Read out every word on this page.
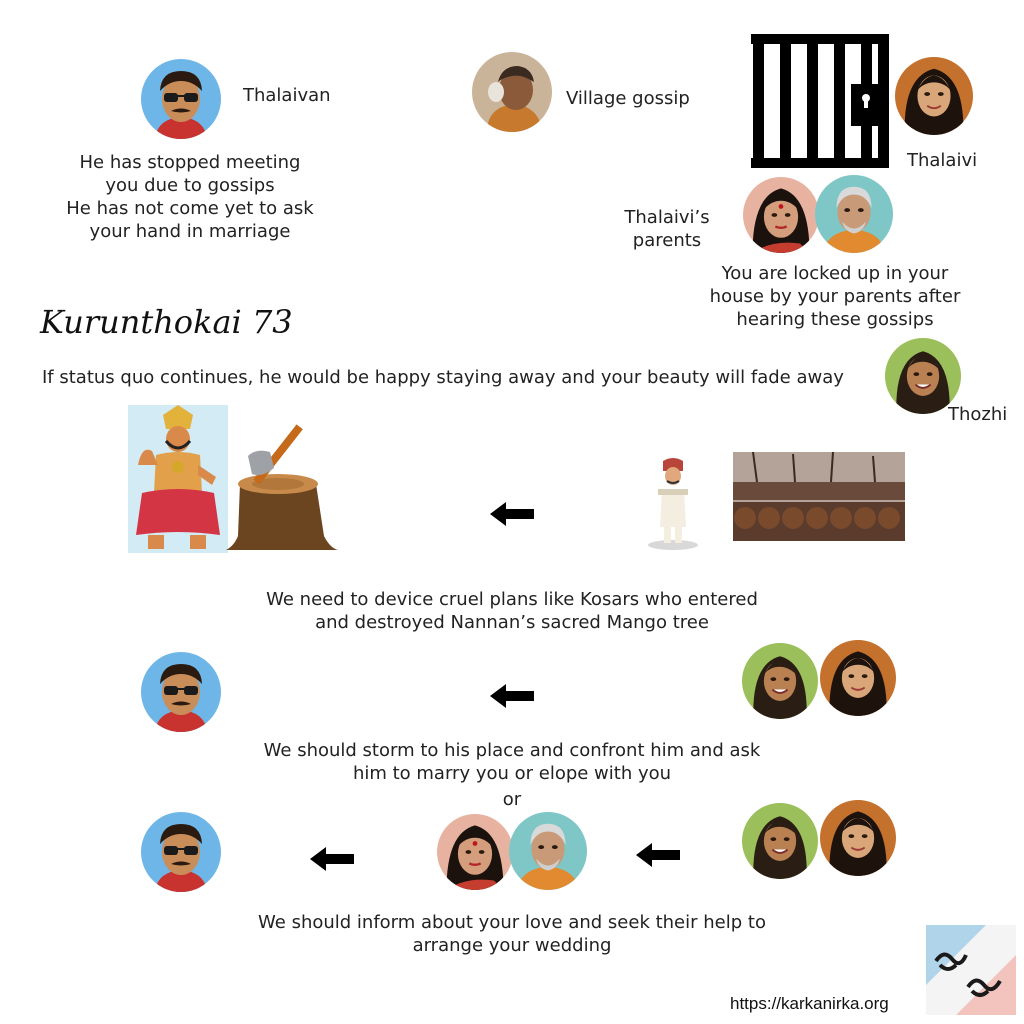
Thalaivan
He has stopped meeting
you due to gossips
He has not come yet to ask
your hand in marriage
Village gossip
Thalaivi
Thalaivi’s
parents
You are locked up in your
house by your parents after
hearing these gossips
Kurunthokai 73
If status quo continues, he would be happy staying away and your beauty will fade away
Thozhi
We need to device cruel plans like Kosars who entered
and destroyed Nannan’s sacred Mango tree
We should storm to his place and confront him and ask
him to marry you or elope with you
or
We should inform about your love and seek their help to
arrange your wedding
https://karkanirka.org
